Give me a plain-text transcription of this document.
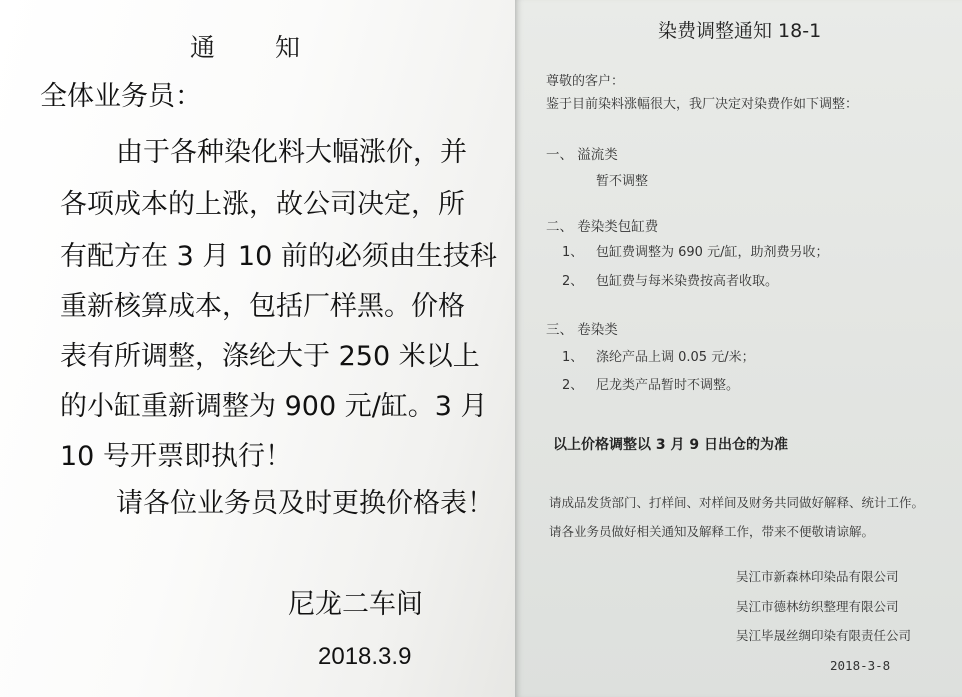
通 知
全体业务员：
由于各种染化料大幅涨价，并
各项成本的上涨，故公司决定，所
有配方在 3 月 10 前的必须由生技科
重新核算成本，包括厂样黑。价格
表有所调整，涤纶大于 250 米以上
的小缸重新调整为 900 元/缸。3 月
10 号开票即执行！
请各位业务员及时更换价格表！
尼龙二车间
2018.3.9
染费调整通知 18-1
尊敬的客户：
鉴于目前染料涨幅很大，我厂决定对染费作如下调整：
一、 溢流类
暂不调整
二、 卷染类包缸费
1、 包缸费调整为 690 元/缸，助剂费另收；
2、 包缸费与每米染费按高者收取。
三、 卷染类
1、 涤纶产品上调 0.05 元/米；
2、 尼龙类产品暂时不调整。
以上价格调整以 3 月 9 日出仓的为准
请成品发货部门、打样间、对样间及财务共同做好解释、统计工作。
请各业务员做好相关通知及解释工作，带来不便敬请谅解。
吴江市新森林印染品有限公司
吴江市德林纺织整理有限公司
吴江毕晟丝绸印染有限责任公司
2018-3-8
